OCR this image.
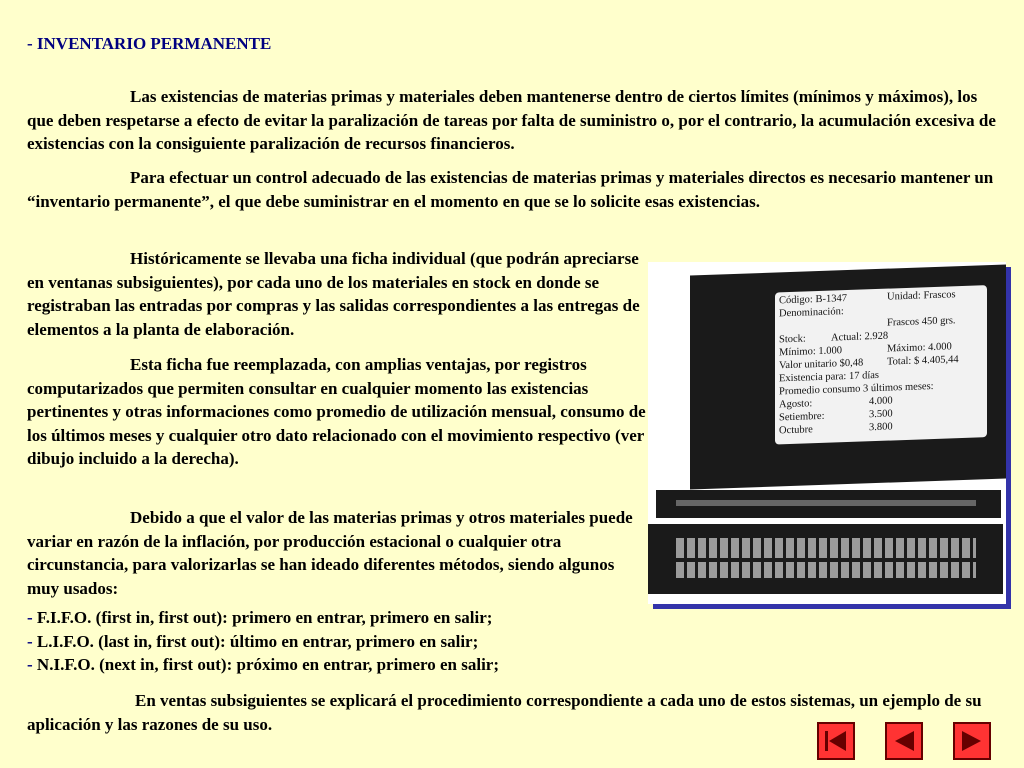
- INVENTARIO PERMANENTE
Las existencias de materias primas y materiales deben mantenerse dentro de ciertos límites (mínimos y máximos), los que deben respetarse a efecto de evitar la paralización de tareas por falta de suministro o, por el contrario, la acumulación excesiva de existencias con la consiguiente paralización de recursos financieros.
Para efectuar un control adecuado de las existencias de materias primas y materiales directos es necesario mantener un “inventario permanente”, el que debe suministrar en el momento en que se lo solicite esas existencias.
Históricamente se llevaba una ficha individual (que podrán apreciarse en ventanas subsiguientes), por cada uno de los materiales en stock en donde se registraban las entradas por compras y las salidas correspondientes a las entregas de elementos a la planta de elaboración.
Esta ficha fue reemplazada, con amplias ventajas, por registros computarizados que permiten consultar en cualquier momento las existencias pertinentes y otras informaciones como promedio de utilización mensual, consumo de los últimos meses y cualquier otro dato relacionado con el movimiento respectivo (ver dibujo incluido a la derecha).
Debido a que el valor de las materias primas y otros materiales puede variar en razón de la inflación, por producción estacional o cualquier otra circunstancia, para valorizarlas se han ideado diferentes métodos, siendo algunos muy usados:
- F.I.F.O. (first in, first out): primero en entrar, primero en salir;
- L.I.F.O. (last in, first out): último en entrar, primero en salir;
- N.I.F.O. (next in, first out): próximo en entrar, primero en salir;
En ventas subsiguientes se explicará el procedimiento correspondiente a cada uno de estos sistemas, un ejemplo de su aplicación y las razones de su uso.
Código: B-1347	Unidad: Frascos
Denominación:
Frascos 450 grs.
Stock: Actual: 2.928
Mínimo: 1.000	Máximo: 4.000
Valor unitario $0,48 Total: $ 4.405,44
Existencia para: 17 días
Promedio consumo 3 últimos meses:
Agosto:	4.000
Setiembre:	3.500
Octubre	3.800
